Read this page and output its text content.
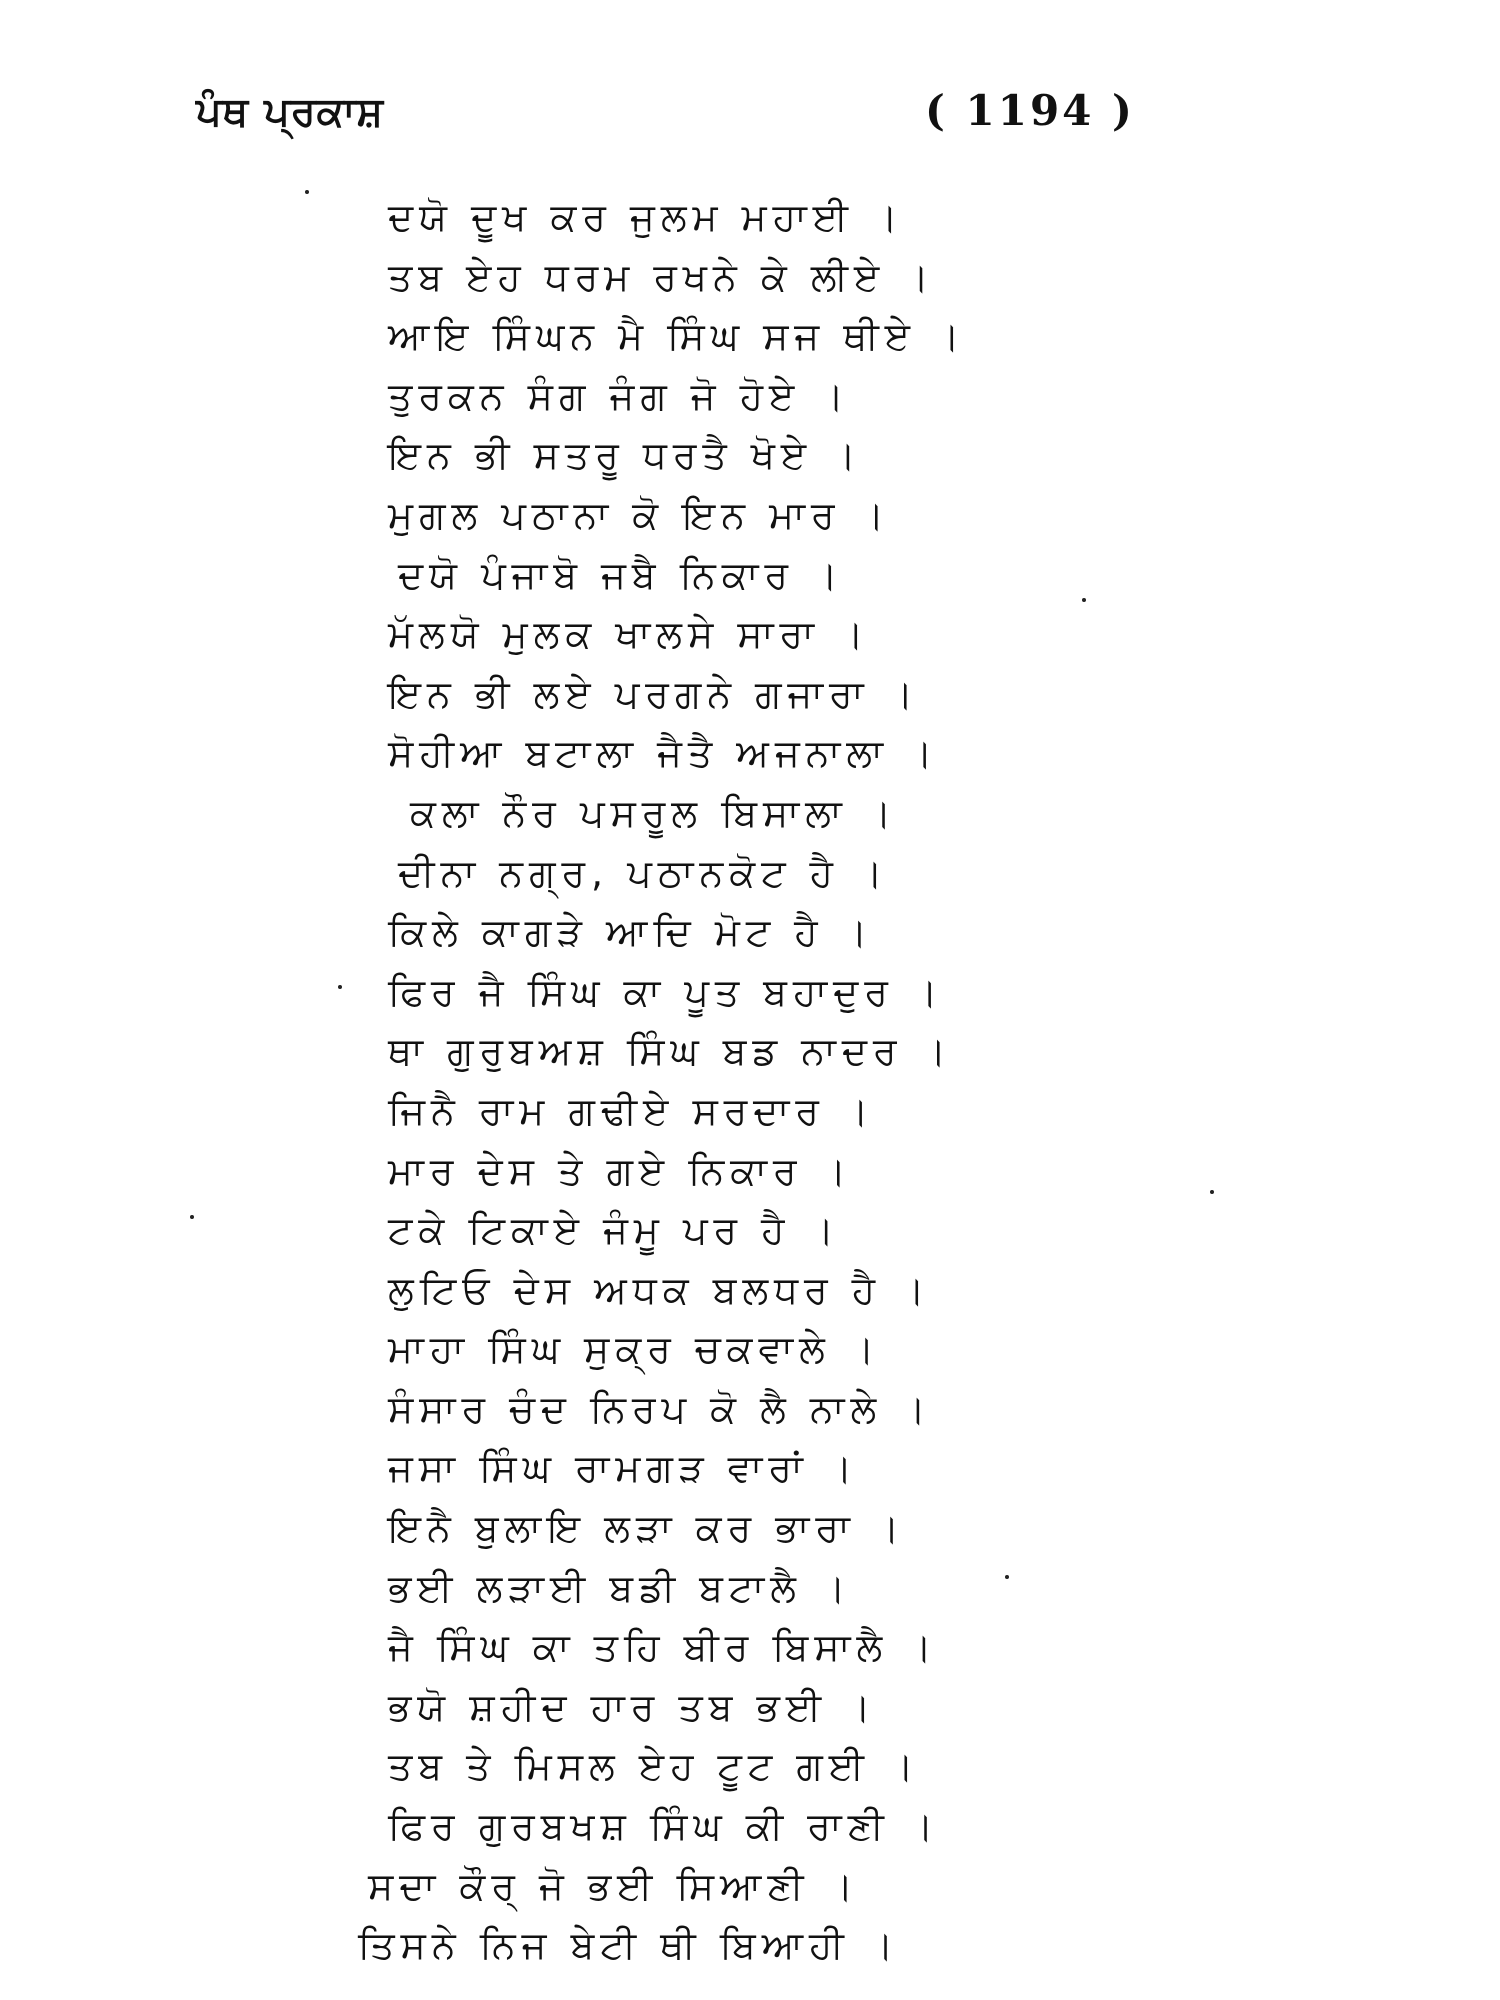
ਪੰਥ ਪ੍ਰਕਾਸ਼	( 1194 )
ਦਯੋ ਦੂਖ ਕਰ ਜੁਲਮ ਮਹਾਈ ।
ਤਬ ਏਹ ਧਰਮ ਰਖਨੇ ਕੇ ਲੀਏ ।
ਆਇ ਸਿੰਘਨ ਮੈ ਸਿੰਘ ਸਜ ਥੀਏ ।
ਤੁਰਕਨ ਸੰਗ ਜੰਗ ਜੋ ਹੋਏ ।
ਇਨ ਭੀ ਸਤਰੂ ਧਰਤੈ ਖੋਏ ।
ਮੁਗਲ ਪਠਾਨਾ ਕੋ ਇਨ ਮਾਰ ।
ਦਯੋ ਪੰਜਾਬੋ ਜਬੈ ਨਿਕਾਰ ।
ਮੱਲਯੋ ਮੁਲਕ ਖਾਲਸੇ ਸਾਰਾ ।
ਇਨ ਭੀ ਲਏ ਪਰਗਨੇ ਗਜਾਰਾ ।
ਸੋਹੀਆ ਬਟਾਲਾ ਜੈਤੈ ਅਜਨਾਲਾ ।
ਕਲਾ ਨੌਰ ਪਸਰੂਲ ਬਿਸਾਲਾ ।
ਦੀਨਾ ਨਗ੍ਰ, ਪਠਾਨਕੋਟ ਹੈ ।
ਕਿਲੇ ਕਾਗੜੇ ਆਦਿ ਮੋਟ ਹੈ ।
ਫਿਰ ਜੈ ਸਿੰਘ ਕਾ ਪੂਤ ਬਹਾਦੁਰ ।
ਥਾ ਗੁਰੁਬਅਸ਼ ਸਿੰਘ ਬਡ ਨਾਦਰ ।
ਜਿਨੈ ਰਾਮ ਗਢੀਏ ਸਰਦਾਰ ।
ਮਾਰ ਦੇਸ ਤੇ ਗਏ ਨਿਕਾਰ ।
ਟਕੇ ਟਿਕਾਏ ਜੰਮੂ ਪਰ ਹੈ ।
ਲੁਟਿਓ ਦੇਸ ਅਧਕ ਬਲਧਰ ਹੈ ।
ਮਾਹਾ ਸਿੰਘ ਸੁਕ੍ਰ ਚਕਵਾਲੇ ।
ਸੰਸਾਰ ਚੰਦ ਨਿਰਪ ਕੋ ਲੈ ਨਾਲੇ ।
ਜਸਾ ਸਿੰਘ ਰਾਮਗੜ ਵਾਰਾਂ ।
ਇਨੈ ਬੁਲਾਇ ਲੜਾ ਕਰ ਭਾਰਾ ।
ਭਈ ਲੜਾਈ ਬਡੀ ਬਟਾਲੈ ।
ਜੈ ਸਿੰਘ ਕਾ ਤਹਿ ਬੀਰ ਬਿਸਾਲੈ ।
ਭਯੋ ਸ਼ਹੀਦ ਹਾਰ ਤਬ ਭਈ ।
ਤਬ ਤੇ ਮਿਸਲ ਏਹ ਟੂਟ ਗਈ ।
ਫਿਰ ਗੁਰਬਖਸ਼ ਸਿੰਘ ਕੀ ਰਾਣੀ ।
ਸਦਾ ਕੌਰ੍ ਜੋ ਭਈ ਸਿਆਣੀ ।
ਤਿਸਨੇ ਨਿਜ ਬੇਟੀ ਥੀ ਬਿਆਹੀ ।
